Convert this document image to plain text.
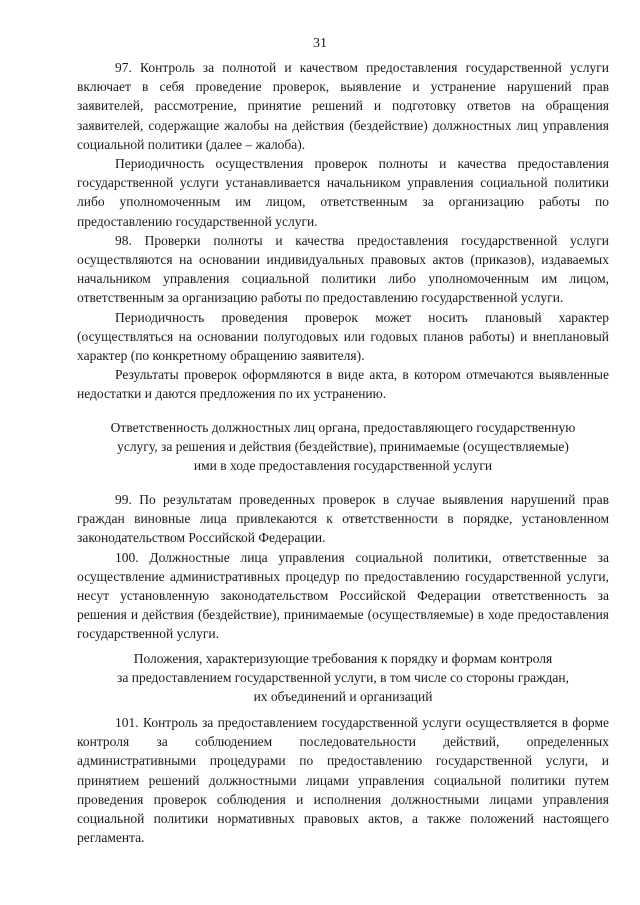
31

97. Контроль за полнотой и качеством предоставления государственной услуги включает в себя проведение проверок, выявление и устранение нарушений прав заявителей, рассмотрение, принятие решений и подготовку ответов на обращения заявителей, содержащие жалобы на действия (бездействие) должностных лиц управления социальной политики (далее – жалоба).

Периодичность осуществления проверок полноты и качества предоставления государственной услуги устанавливается начальником управления социальной политики либо уполномоченным им лицом, ответственным за организацию работы по предоставлению государственной услуги.

98. Проверки полноты и качества предоставления государственной услуги осуществляются на основании индивидуальных правовых актов (приказов), издаваемых начальником управления социальной политики либо уполномоченным им лицом, ответственным за организацию работы по предоставлению государственной услуги.

Периодичность проведения проверок может носить плановый характер (осуществляться на основании полугодовых или годовых планов работы) и внеплановый характер (по конкретному обращению заявителя).

Результаты проверок оформляются в виде акта, в котором отмечаются выявленные недостатки и даются предложения по их устранению.

Ответственность должностных лиц органа, предоставляющего государственную

услугу, за решения и действия (бездействие), принимаемые (осуществляемые)

ими в ходе предоставления государственной услуги

99. По результатам проведенных проверок в случае выявления нарушений прав граждан виновные лица привлекаются к ответственности в порядке, установленном законодательством Российской Федерации.

100. Должностные лица управления социальной политики, ответственные за осуществление административных процедур по предоставлению государственной услуги, несут установленную законодательством Российской Федерации ответственность за решения и действия (бездействие), принимаемые (осуществляемые) в ходе предоставления государственной услуги.

Положения, характеризующие требования к порядку и формам контроля

за предоставлением государственной услуги, в том числе со стороны граждан,

их объединений и организаций

101. Контроль за предоставлением государственной услуги осуществляется в форме контроля за соблюдением последовательности действий, определенных административными процедурами по предоставлению государственной услуги, и принятием решений должностными лицами управления социальной политики путем проведения проверок соблюдения и исполнения должностными лицами управления социальной политики нормативных правовых актов, а также положений настоящего регламента.
